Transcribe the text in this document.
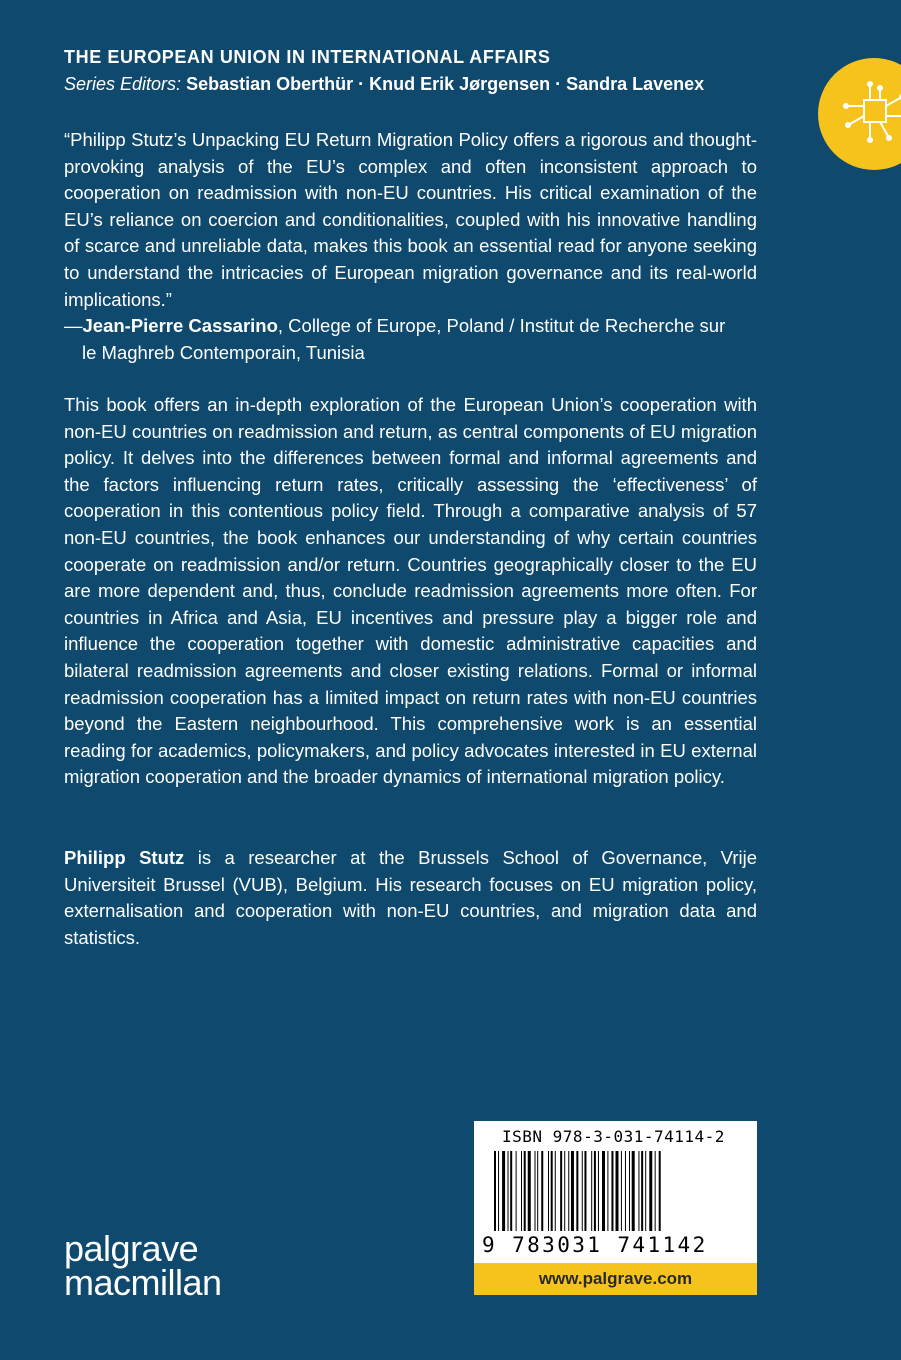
THE EUROPEAN UNION IN INTERNATIONAL AFFAIRS
Series Editors: Sebastian Oberthür · Knud Erik Jørgensen · Sandra Lavenex
“Philipp Stutz’s Unpacking EU Return Migration Policy offers a rigorous and thought-provoking analysis of the EU’s complex and often inconsistent approach to cooperation on readmission with non-EU countries. His critical examination of the EU’s reliance on coercion and conditionalities, coupled with his innovative handling of scarce and unreliable data, makes this book an essential read for anyone seeking to understand the intricacies of European migration governance and its real-world implications.”
—Jean-Pierre Cassarino, College of Europe, Poland / Institut de Recherche sur
le Maghreb Contemporain, Tunisia
This book offers an in-depth exploration of the European Union’s cooperation with non-EU countries on readmission and return, as central components of EU migration policy. It delves into the differences between formal and informal agreements and the factors influencing return rates, critically assessing the ‘effectiveness’ of cooperation in this contentious policy field. Through a comparative analysis of 57 non-EU countries, the book enhances our understanding of why certain countries cooperate on readmission and/or return. Countries geographically closer to the EU are more dependent and, thus, conclude readmission agreements more often. For countries in Africa and Asia, EU incentives and pressure play a bigger role and influence the cooperation together with domestic administrative capacities and bilateral readmission agreements and closer existing relations. Formal or informal readmission cooperation has a limited impact on return rates with non-EU countries beyond the Eastern neighbourhood. This comprehensive work is an essential reading for academics, policymakers, and policy advocates interested in EU external migration cooperation and the broader dynamics of international migration policy.
Philipp Stutz is a researcher at the Brussels School of Governance, Vrije Universiteit Brussel (VUB), Belgium. His research focuses on EU migration policy, externalisation and cooperation with non-EU countries, and migration data and statistics.
ISBN 978-3-031-74114-2
9 783031 741142
www.palgrave.com
palgrave
macmillan
